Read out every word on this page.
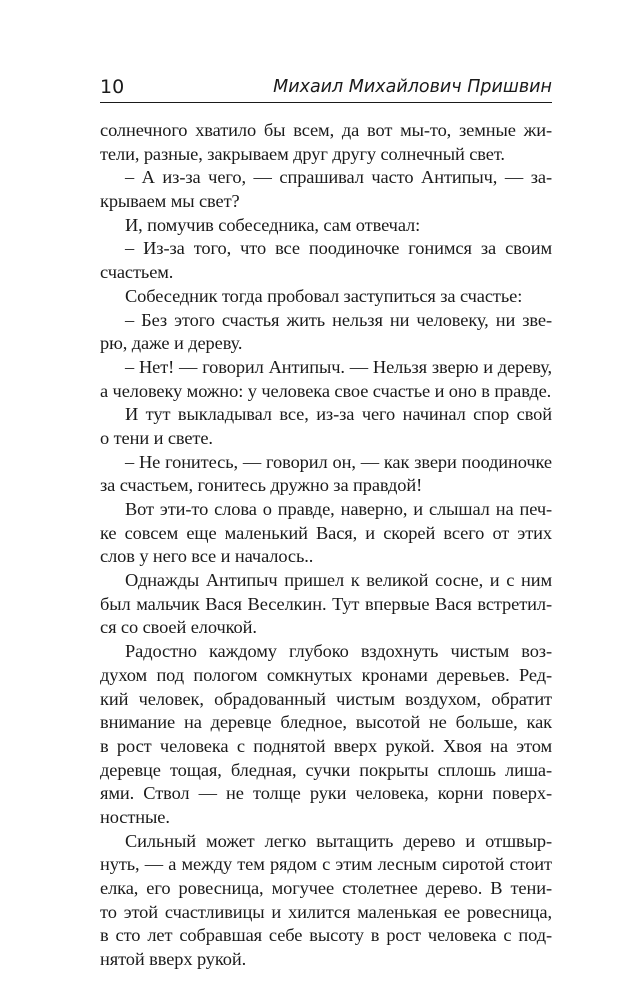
10	Михаил Михайлович Пришвин
солнечного хватило бы всем, да вот мы-то, земные жи-
тели, разные, закрываем друг другу солнечный свет.
– А из-за чего, — спрашивал часто Антипыч, — за-
крываем мы свет?
И, помучив собеседника, сам отвечал:
– Из-за того, что все поодиночке гонимся за своим
счастьем.
Собеседник тогда пробовал заступиться за счастье:
– Без этого счастья жить нельзя ни человеку, ни зве-
рю, даже и дереву.
– Нет! — говорил Антипыч. — Нельзя зверю и дереву,
а человеку можно: у человека свое счастье и оно в правде.
И тут выкладывал все, из-за чего начинал спор свой
о тени и свете.
– Не гонитесь, — говорил он, — как звери поодиночке
за счастьем, гонитесь дружно за правдой!
Вот эти-то слова о правде, наверно, и слышал на печ-
ке совсем еще маленький Вася, и скорей всего от этих
слов у него все и началось..
Однажды Антипыч пришел к великой сосне, и с ним
был мальчик Вася Веселкин. Тут впервые Вася встретил-
ся со своей елочкой.
Радостно каждому глубоко вздохнуть чистым воз-
духом под пологом сомкнутых кронами деревьев. Ред-
кий человек, обрадованный чистым воздухом, обратит
внимание на деревце бледное, высотой не больше, как
в рост человека с поднятой вверх рукой. Хвоя на этом
деревце тощая, бледная, сучки покрыты сплошь лиша-
ями. Ствол — не толще руки человека, корни поверх-
ностные.
Сильный может легко вытащить дерево и отшвыр-
нуть, — а между тем рядом с этим лесным сиротой стоит
елка, его ровесница, могучее столетнее дерево. В тени-
то этой счастливицы и хилится маленькая ее ровесница,
в сто лет собравшая себе высоту в рост человека с под-
нятой вверх рукой.
